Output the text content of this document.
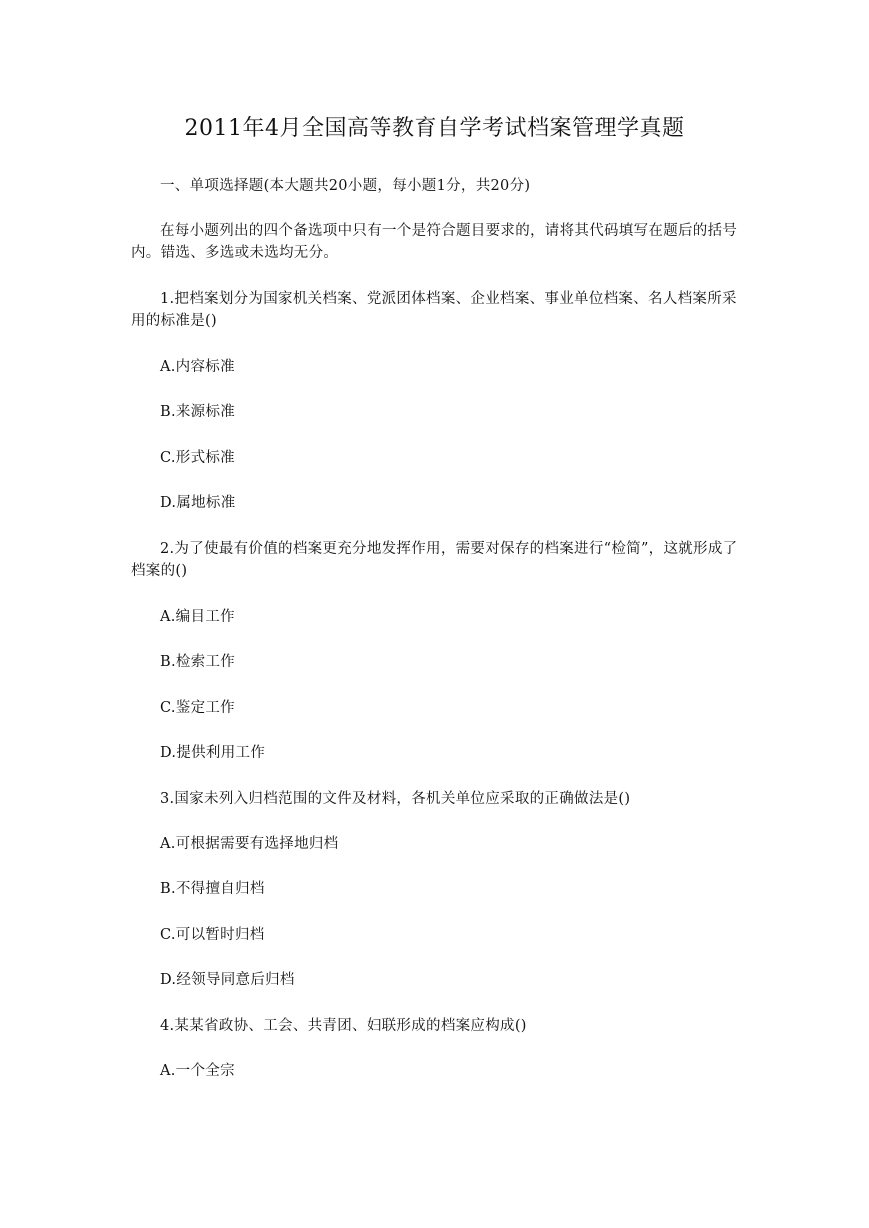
2011年4月全国高等教育自学考试档案管理学真题
一、单项选择题(本大题共20小题，每小题1分，共20分)
在每小题列出的四个备选项中只有一个是符合题目要求的，请将其代码填写在题后的括号内。错选、多选或未选均无分。
1.把档案划分为国家机关档案、党派团体档案、企业档案、事业单位档案、名人档案所采用的标准是()
A.内容标准
B.来源标准
C.形式标准
D.属地标准
2.为了使最有价值的档案更充分地发挥作用，需要对保存的档案进行“检简”，这就形成了档案的()
A.编目工作
B.检索工作
C.鉴定工作
D.提供利用工作
3.国家未列入归档范围的文件及材料，各机关单位应采取的正确做法是()
A.可根据需要有选择地归档
B.不得擅自归档
C.可以暂时归档
D.经领导同意后归档
4.某某省政协、工会、共青团、妇联形成的档案应构成()
A.一个全宗
